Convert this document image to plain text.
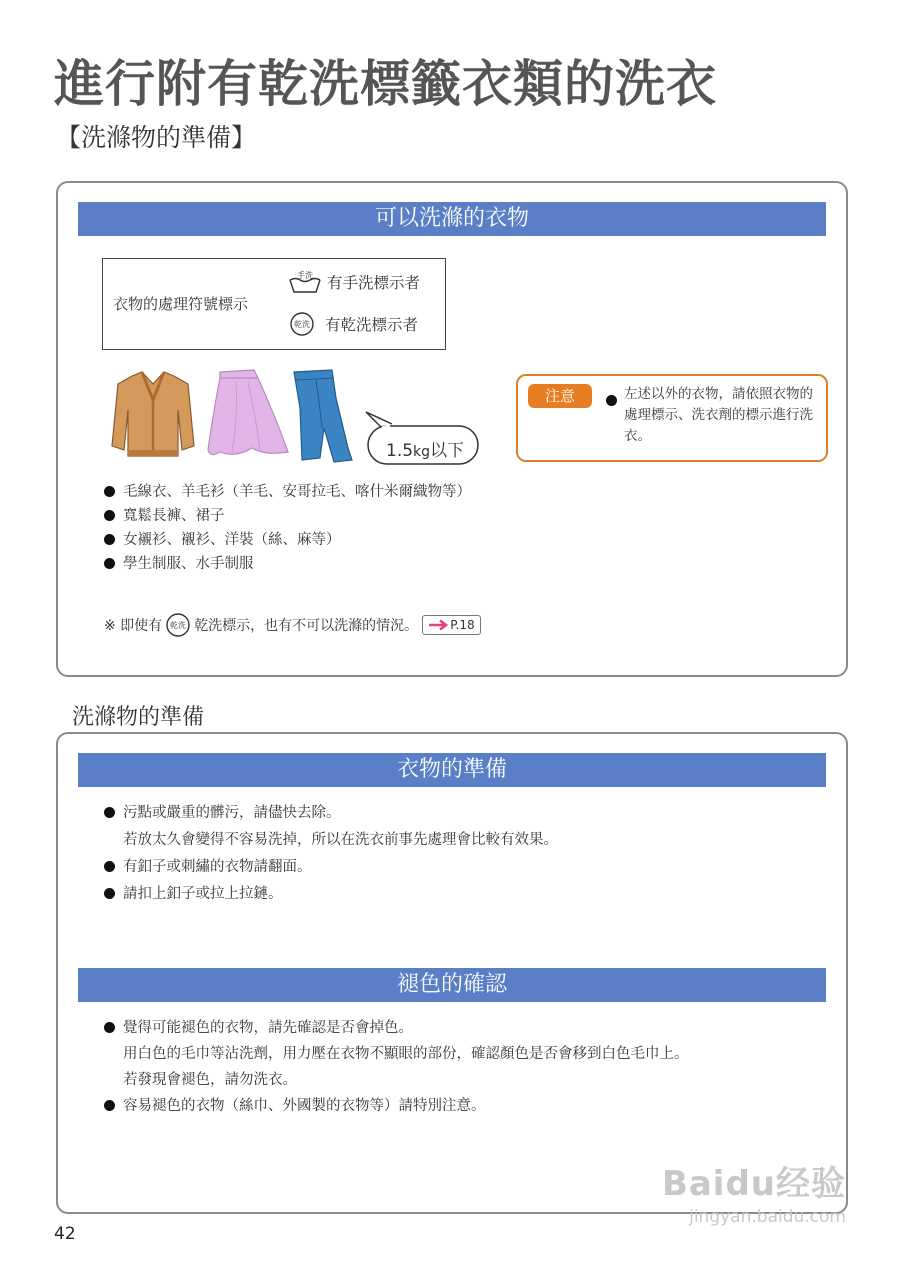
進行附有乾洗標籤衣類的洗衣
【洗滌物的準備】
可以洗滌的衣物
衣物的處理符號標示
手洗 有手洗標示者
乾洗 有乾洗標示者
1.5kg以下
注意	左述以外的衣物，請依照衣物的處理標示、洗衣劑的標示進行洗衣。
毛線衣、羊毛衫（羊毛、安哥拉毛、喀什米爾織物等）
寬鬆長褲、裙子
女襯衫、襯衫、洋裝（絲、麻等）
學生制服、水手制服
※ 即使有 乾洗 乾洗標示，也有不可以洗滌的情況。	P.18
洗滌物的準備
衣物的準備
褪色的確認
污點或嚴重的髒污，請儘快去除。
若放太久會變得不容易洗掉，所以在洗衣前事先處理會比較有效果。
有釦子或刺繡的衣物請翻面。
請扣上釦子或拉上拉鏈。
覺得可能褪色的衣物，請先確認是否會掉色。
用白色的毛巾等沾洗劑，用力壓在衣物不顯眼的部份，確認顏色是否會移到白色毛巾上。
若發現會褪色，請勿洗衣。
容易褪色的衣物（絲巾、外國製的衣物等）請特別注意。
42
Baidu经验
jingyan.baidu.com
